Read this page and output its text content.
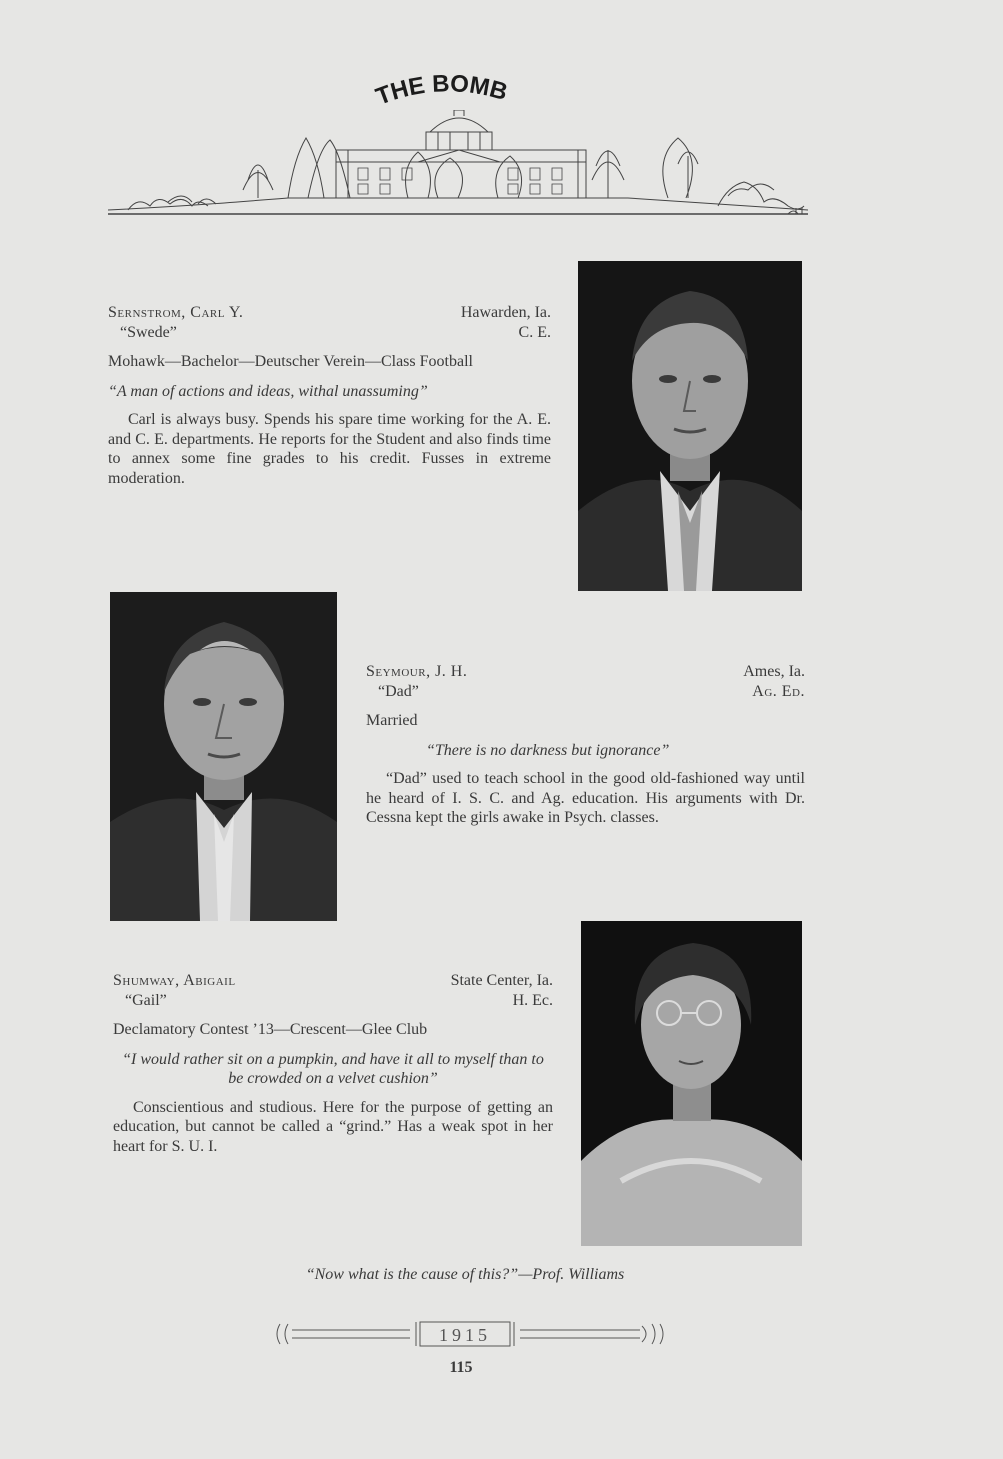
THE BOMB
Sernstrom, Carl Y.	Hawarden, Ia.
“Swede”	C. E.
Mohawk—Bachelor—Deutscher Verein—Class Football
“A man of actions and ideas, withal unassuming”
Carl is always busy. Spends his spare time working for the A. E. and C. E. departments. He reports for the Student and also finds time to annex some fine grades to his credit. Fusses in extreme moderation.
Seymour, J. H.	Ames, Ia.
“Dad”	Ag. Ed.
Married
“There is no darkness but ignorance”
“Dad” used to teach school in the good old-fashioned way until he heard of I. S. C. and Ag. education. His arguments with Dr. Cessna kept the girls awake in Psych. classes.
Shumway, Abigail	State Center, Ia.
“Gail”	H. Ec.
Declamatory Contest ’13—Crescent—Glee Club
“I would rather sit on a pumpkin, and have it all to myself than to be crowded on a velvet cushion”
Conscientious and studious. Here for the purpose of getting an education, but cannot be called a “grind.” Has a weak spot in her heart for S. U. I.
“Now what is the cause of this?”—Prof. Williams
1915
115
